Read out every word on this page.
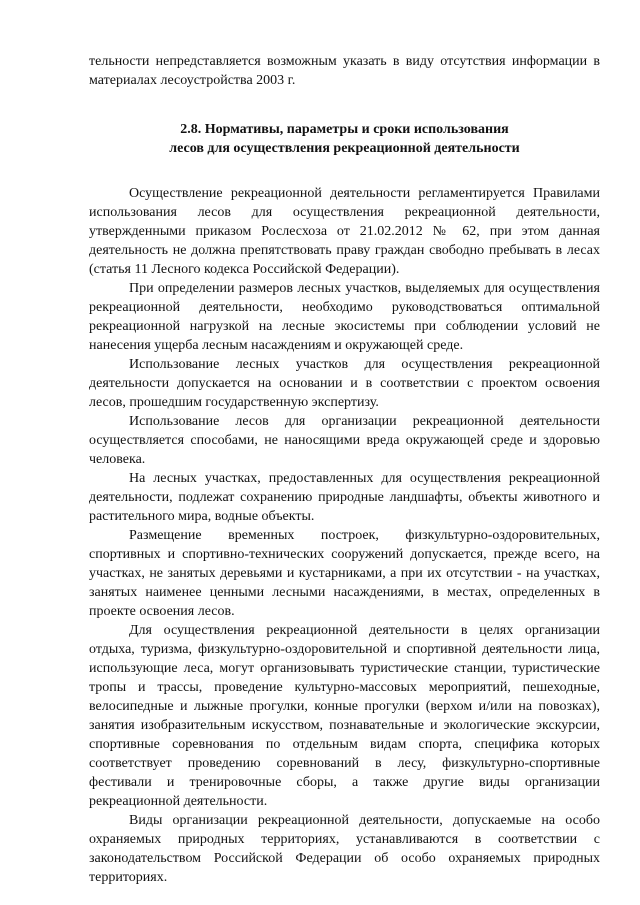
тельности непредставляется возможным указать в виду отсутствия информации в материалах лесоустройства 2003 г.

2.8. Нормативы, параметры и сроки использования
лесов для осуществления рекреационной деятельности

Осуществление рекреационной деятельности регламентируется Правилами использования лесов для осуществления рекреационной деятельности, утвержденными приказом Рослесхоза от 21.02.2012 № 62, при этом данная деятельность не должна препятствовать праву граждан свободно пребывать в лесах (статья 11 Лесного кодекса Российской Федерации).

При определении размеров лесных участков, выделяемых для осуществления рекреационной деятельности, необходимо руководствоваться оптимальной рекреационной нагрузкой на лесные экосистемы при соблюдении условий не нанесения ущерба лесным насаждениям и окружающей среде.

Использование лесных участков для осуществления рекреационной деятельности допускается на основании и в соответствии с проектом освоения лесов, прошедшим государственную экспертизу.

Использование лесов для организации рекреационной деятельности осуществляется способами, не наносящими вреда окружающей среде и здоровью человека.

На лесных участках, предоставленных для осуществления рекреационной деятельности, подлежат сохранению природные ландшафты, объекты животного и растительного мира, водные объекты.

Размещение временных построек, физкультурно-оздоровительных, спортивных и спортивно-технических сооружений допускается, прежде всего, на участках, не занятых деревьями и кустарниками, а при их отсутствии - на участках, занятых наименее ценными лесными насаждениями, в местах, определенных в проекте освоения лесов.

Для осуществления рекреационной деятельности в целях организации отдыха, туризма, физкультурно-оздоровительной и спортивной деятельности лица, использующие леса, могут организовывать туристические станции, туристические тропы и трассы, проведение культурно-массовых мероприятий, пешеходные, велосипедные и лыжные прогулки, конные прогулки (верхом и/или на повозках), занятия изобразительным искусством, познавательные и экологические экскурсии, спортивные соревнования по отдельным видам спорта, специфика которых соответствует проведению соревнований в лесу, физкультурно-спортивные фестивали и тренировочные сборы, а также другие виды организации рекреационной деятельности.

Виды организации рекреационной деятельности, допускаемые на особо охраняемых природных территориях, устанавливаются в соответствии с законодательством Российской Федерации об особо охраняемых природных территориях.
